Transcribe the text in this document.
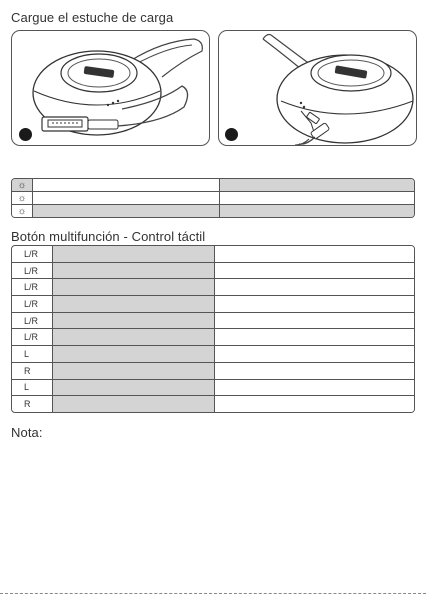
Cargue el estuche de carga
☼
☼
☼
Botón multifunción - Control táctil
L/R
L/R
L/R
L/R
L/R
L/R
L
R
L
R
Nota:
